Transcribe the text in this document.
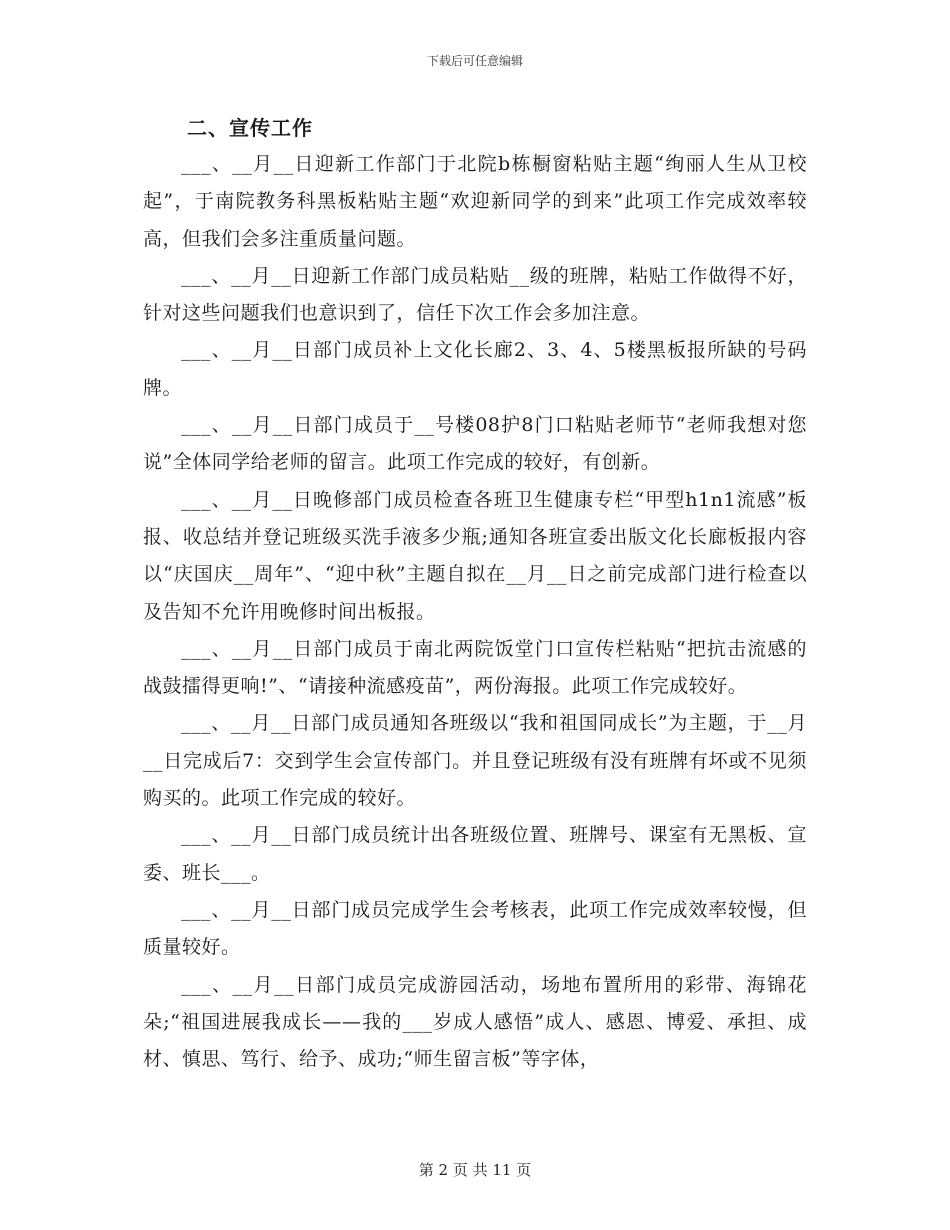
下载后可任意编辑
二、宣传工作

___、__月__日迎新工作部门于北院b栋橱窗粘贴主题“绚丽人生从卫校起”，于南院教务科黑板粘贴主题“欢迎新同学的到来”此项工作完成效率较高，但我们会多注重质量问题。

___、__月__日迎新工作部门成员粘贴__级的班牌，粘贴工作做得不好，针对这些问题我们也意识到了，信任下次工作会多加注意。

___、__月__日部门成员补上文化长廊2、3、4、5楼黑板报所缺的号码牌。

___、__月__日部门成员于__号楼08护8门口粘贴老师节“老师我想对您说”全体同学给老师的留言。此项工作完成的较好，有创新。

___、__月__日晚修部门成员检查各班卫生健康专栏“甲型h1n1流感”板报、收总结并登记班级买洗手液多少瓶;通知各班宣委出版文化长廊板报内容以“庆国庆__周年”、“迎中秋”主题自拟在__月__日之前完成部门进行检查以及告知不允许用晚修时间出板报。

___、__月__日部门成员于南北两院饭堂门口宣传栏粘贴“把抗击流感的战鼓擂得更响!”、“请接种流感疫苗”，两份海报。此项工作完成较好。

___、__月__日部门成员通知各班级以“我和祖国同成长”为主题，于__月__日完成后7：交到学生会宣传部门。并且登记班级有没有班牌有坏或不见须购买的。此项工作完成的较好。

___、__月__日部门成员统计出各班级位置、班牌号、课室有无黑板、宣委、班长___。

___、__月__日部门成员完成学生会考核表，此项工作完成效率较慢，但质量较好。

___、__月__日部门成员完成游园活动，场地布置所用的彩带、海锦花朵;“祖国进展我成长——我的___岁成人感悟”成人、感恩、博爱、承担、成材、慎思、笃行、给予、成功;“师生留言板”等字体，

第 2 页 共 11 页
